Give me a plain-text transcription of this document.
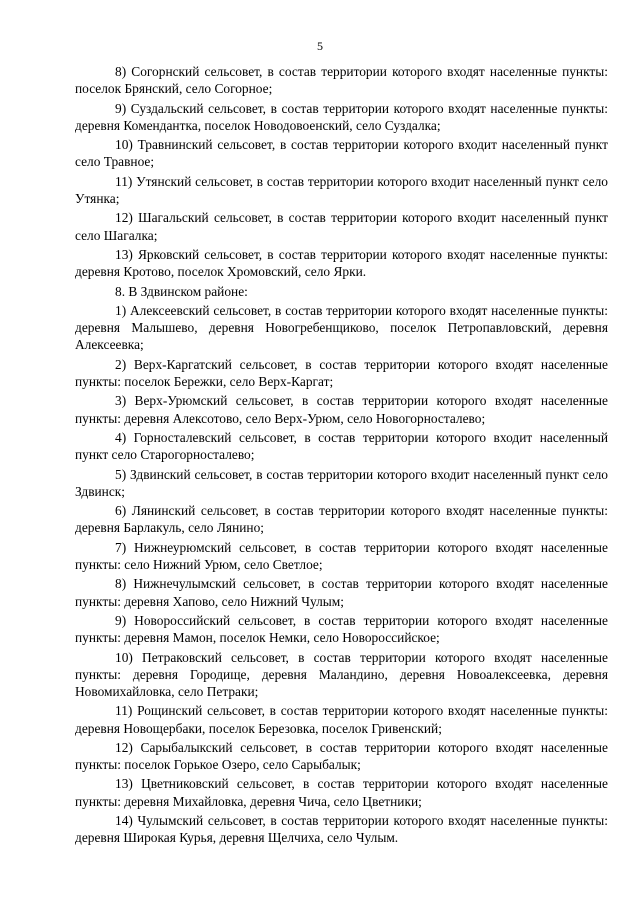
5

8) Согорнский сельсовет, в состав территории которого входят населенные пункты: поселок Брянский, село Согорное;

9) Суздальский сельсовет, в состав территории которого входят населенные пункты: деревня Комендантка, поселок Новодовоенский, село Суздалка;

10) Травнинский сельсовет, в состав территории которого входит населенный пункт село Травное;

11) Утянский сельсовет, в состав территории которого входит населенный пункт село Утянка;

12) Шагальский сельсовет, в состав территории которого входит населенный пункт село Шагалка;

13) Ярковский сельсовет, в состав территории которого входят населенные пункты: деревня Кротово, поселок Хромовский, село Ярки.

8. В Здвинском районе:

1) Алексеевский сельсовет, в состав территории которого входят населенные пункты: деревня Малышево, деревня Новогребенщиково, поселок Петропавловский, деревня Алексеевка;

2) Верх-Каргатский сельсовет, в состав территории которого входят населенные пункты: поселок Бережки, село Верх-Каргат;

3) Верх-Урюмский сельсовет, в состав территории которого входят населенные пункты: деревня Алексотово, село Верх-Урюм, село Новогорносталево;

4) Горносталевский сельсовет, в состав территории которого входит населенный пункт село Старогорносталево;

5) Здвинский сельсовет, в состав территории которого входит населенный пункт село Здвинск;

6) Лянинский сельсовет, в состав территории которого входят населенные пункты: деревня Барлакуль, село Лянино;

7) Нижнеурюмский сельсовет, в состав территории которого входят населенные пункты: село Нижний Урюм, село Светлое;

8) Нижнечулымский сельсовет, в состав территории которого входят населенные пункты: деревня Хапово, село Нижний Чулым;

9) Новороссийский сельсовет, в состав территории которого входят населенные пункты: деревня Мамон, поселок Немки, село Новороссийское;

10) Петраковский сельсовет, в состав территории которого входят населенные пункты: деревня Городище, деревня Маландино, деревня Новоалексеевка, деревня Новомихайловка, село Петраки;

11) Рощинский сельсовет, в состав территории которого входят населенные пункты: деревня Новощербаки, поселок Березовка, поселок Гривенский;

12) Сарыбалыкский сельсовет, в состав территории которого входят населенные пункты: поселок Горькое Озеро, село Сарыбалык;

13) Цветниковский сельсовет, в состав территории которого входят населенные пункты: деревня Михайловка, деревня Чича, село Цветники;

14) Чулымский сельсовет, в состав территории которого входят населенные пункты: деревня Широкая Курья, деревня Щелчиха, село Чулым.
